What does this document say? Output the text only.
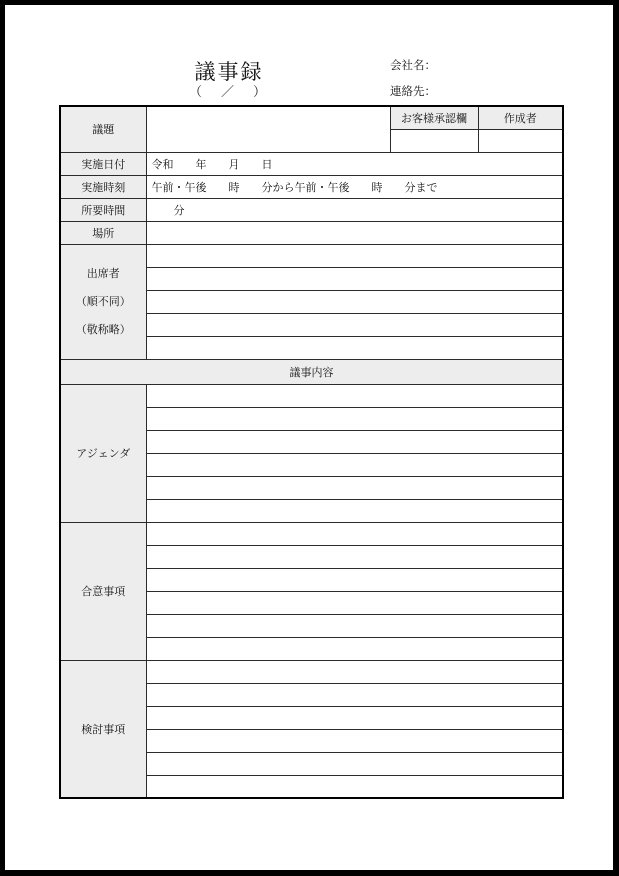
議事録
（　／　）
会社名：
連絡先：
議題		お客様承認欄	作成者

実施日付	令和　　年　　月　　日		
実施時刻	午前・午後　　時　　分から午前・午後　　時　　分まで		
所要時間	　　分		
場所			
出席者
（順不同）
（敬称略）			

議事内容			
アジェンダ			

合意事項			

検討事項			
